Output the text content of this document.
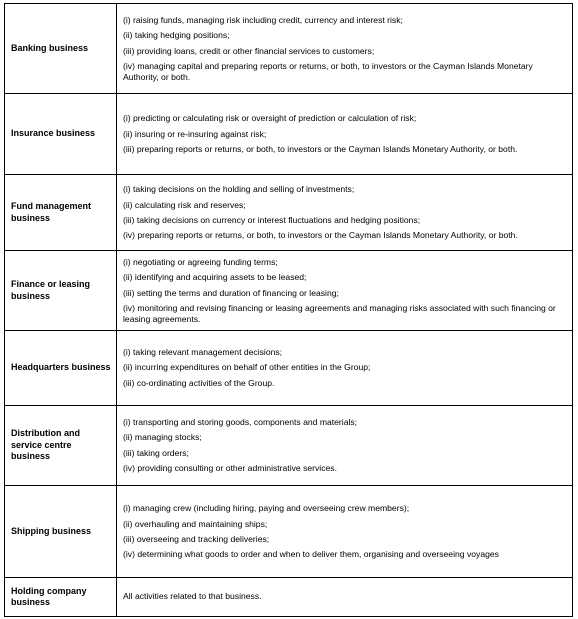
Banking business	(i) raising funds, managing risk including credit, currency and interest risk;
(ii) taking hedging positions;
(iii) providing loans, credit or other financial services to customers;
(iv) managing capital and preparing reports or returns, or both, to investors or the Cayman Islands Monetary Authority, or both.

Insurance business	(i) predicting or calculating risk or oversight of prediction or calculation of risk;
(ii) insuring or re-insuring against risk;
(iii) preparing reports or returns, or both, to investors or the Cayman Islands Monetary Authority, or both.

Fund management business	(i) taking decisions on the holding and selling of investments;
(ii) calculating risk and reserves;
(iii) taking decisions on currency or interest fluctuations and hedging positions;
(iv) preparing reports or returns, or both, to investors or the Cayman Islands Monetary Authority, or both.

Finance or leasing business	(i) negotiating or agreeing funding terms;
(ii) identifying and acquiring assets to be leased;
(iii) setting the terms and duration of financing or leasing;
(iv) monitoring and revising financing or leasing agreements and managing risks associated with such financing or leasing agreements.

Headquarters business	(i) taking relevant management decisions;
(ii) incurring expenditures on behalf of other entities in the Group;
(iii) co-ordinating activities of the Group.

Distribution and service centre business	(i) transporting and storing goods, components and materials;
(ii) managing stocks;
(iii) taking orders;
(iv) providing consulting or other administrative services.

Shipping business	(i) managing crew (including hiring, paying and overseeing crew members);
(ii) overhauling and maintaining ships;
(iii) overseeing and tracking deliveries;
(iv) determining what goods to order and when to deliver them, organising and overseeing voyages

Holding company business	All activities related to that business.
